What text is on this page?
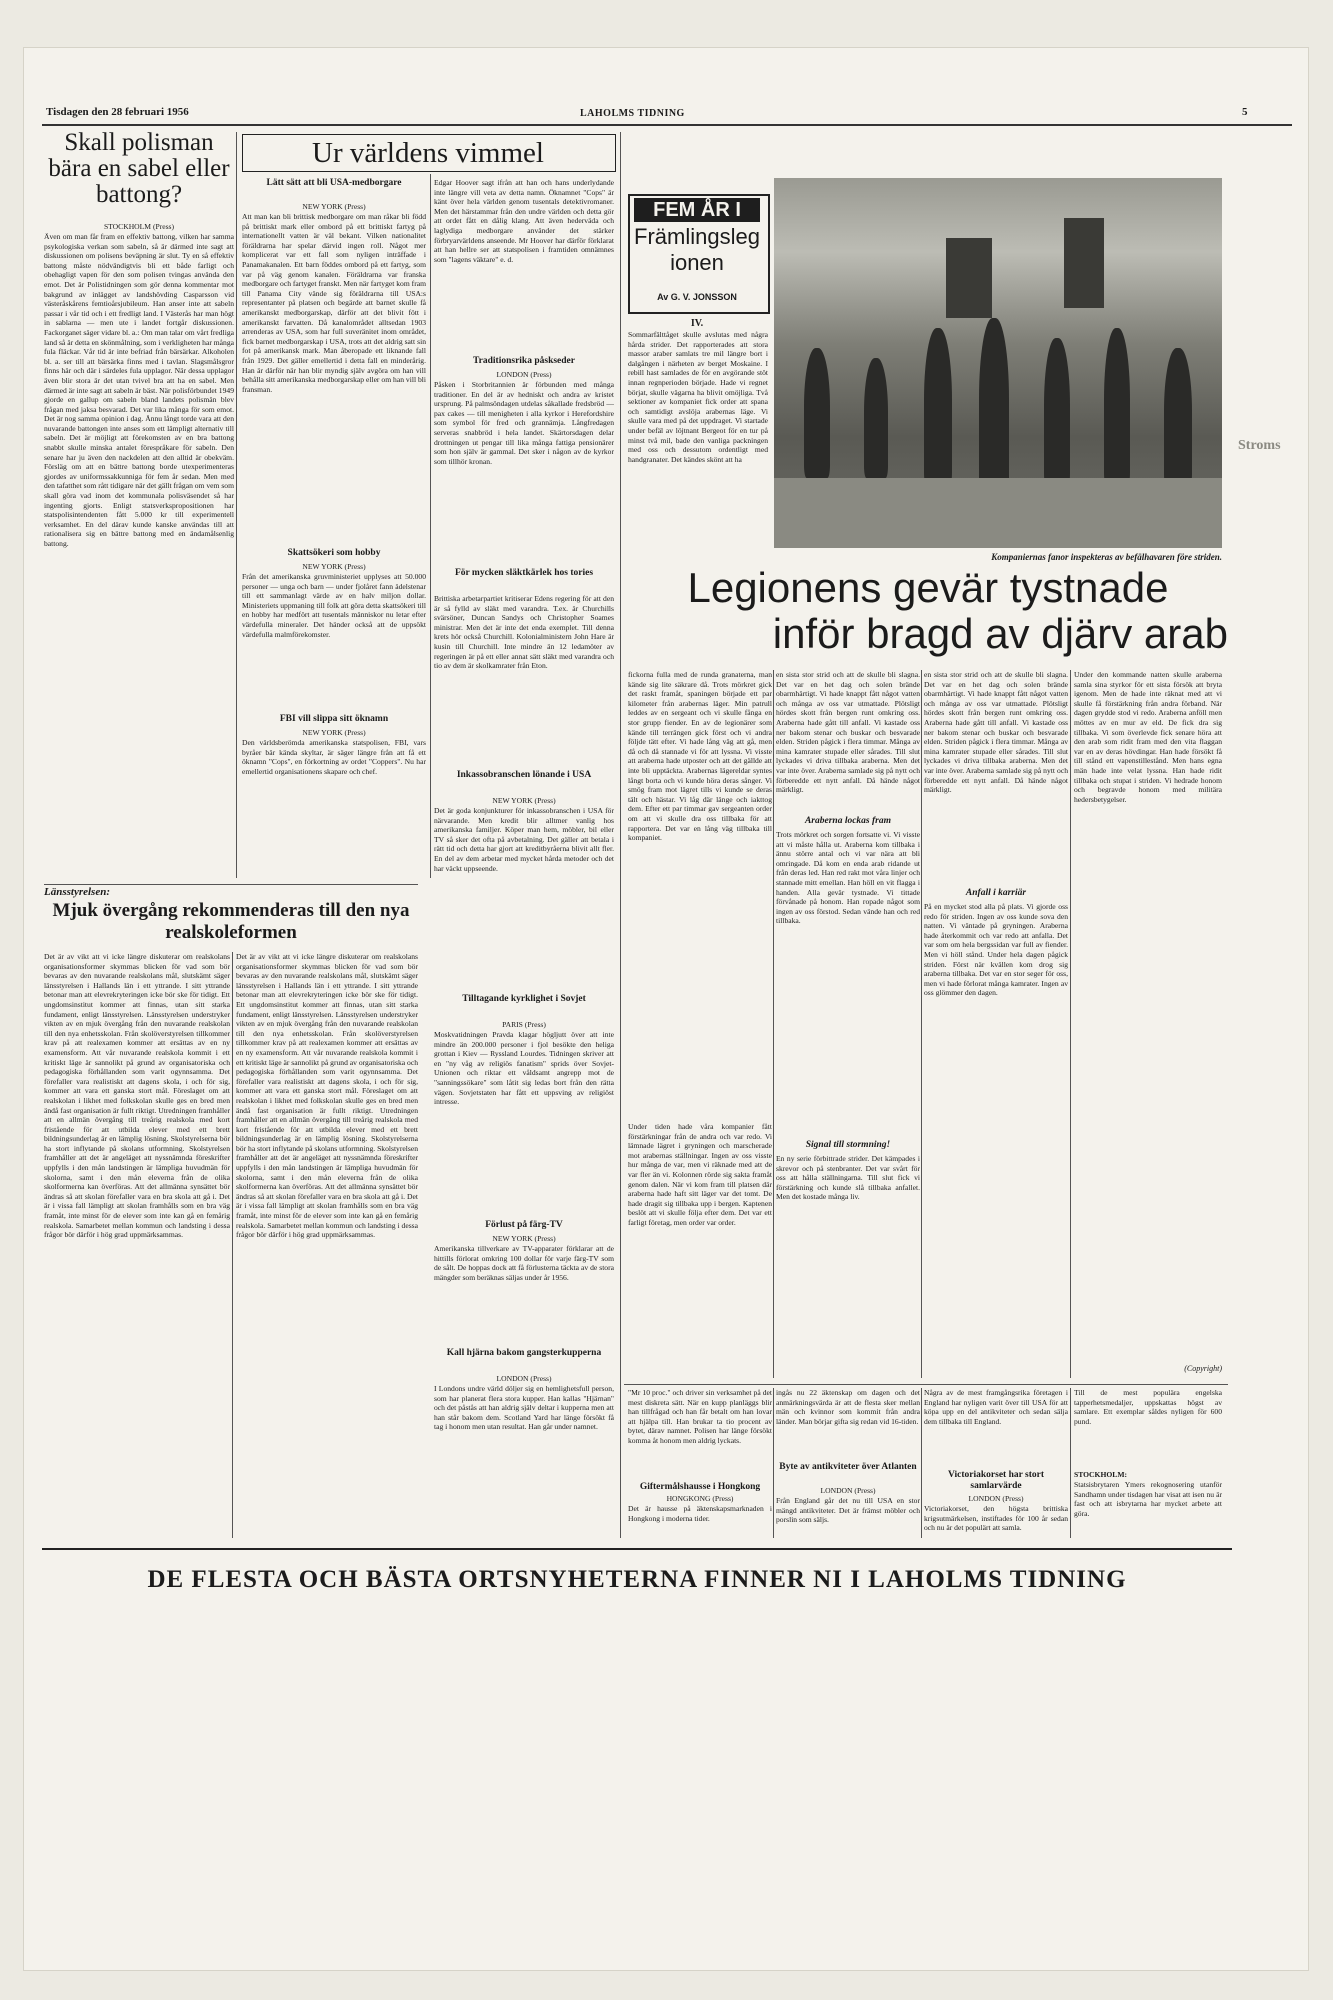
Tisdagen den 28 februari 1956	LAHOLMS TIDNING	5
Skall polisman bära en sabel eller battong?
STOCKHOLM (Press)

Även om man får fram en effektiv battong, vilken har samma psykologiska verkan som sabeln, så är därmed inte sagt att diskussionen om polisens beväpning är slut. Ty en så effektiv battong måste nödvändigtvis bli ett både farligt och obehagligt vapen för den som polisen tvingas använda den emot. Det är Polistidningen som gör denna kommentar mot bakgrund av inlägget av landshövding Casparsson vid västeråskårens femtioårsjubileum. Han anser inte att sabeln passar i vår tid och i ett fredligt land. I Västerås har man högt in sablarna — men ute i landet fortgår diskussionen. Fackorganet säger vidare bl. a.: Om man talar om vårt fredliga land så är detta en skönmålning, som i verkligheten har många fula fläckar. Vår tid är inte befriad från bärsärkar. Alkoholen bl. a. ser till att bärsärka finns med i tavlan. Slagsmålsgror finns här och där i särdeles fula upplagor. När dessa upplagor även blir stora är det utan tvivel bra att ha en sabel. Men därmed är inte sagt att sabeln är bäst. När polisförbundet 1949 gjorde en gallup om sabeln bland landets polismän blev frågan med jaksa besvarad. Det var lika många för som emot. Det är nog samma opinion i dag. Ännu långt torde vara att den nuvarande battongen inte anses som ett lämpligt alternativ till sabeln. Det är möjligt att förekomsten av en bra battong snabbt skulle minska antalet förespråkare för sabeln. Den senare har ju även den nackdelen att den alltid är obekväm. Försläg om att en bättre battong borde utexperimenteras gjordes av uniformssakkunniga för fem år sedan. Men med den tafatthet som rått tidigare när det gällt frågan om vem som skall göra vad inom det kommunala polisväsendet så har ingenting gjorts. Enligt statsverkspropositionen har statspolisintendenten fått 5.000 kr till experimentell verksamhet. En del därav kunde kanske användas till att rationalisera sig en bättre battong med en ändamålsenlig battong.

Länsstyrelsen:
Mjuk övergång rekommenderas till den nya realskoleformen

Det är av vikt att vi icke längre diskuterar om realskolans organisationsformer skymmas blicken för vad som bör bevaras av den nuvarande realskolans mål, slutskämt säger länsstyrelsen i Hallands län i ett yttrande. I sitt yttrande betonar man att elevrekryteringen icke bör ske för tidigt. Ett ungdomsinstitut kommer att finnas, utan sitt starka fundament, enligt länsstyrelsen. Länsstyrelsen understryker vikten av en mjuk övergång från den nuvarande realskolan till den nya enhetsskolan. Från skolöverstyrelsen tillkommer krav på att realexamen kommer att ersättas av en ny examensform. Att vår nuvarande realskola kommit i ett kritiskt läge är sannolikt på grund av organisatoriska och pedagogiska förhållanden som varit ogynnsamma. Det förefaller vara realistiskt att dagens skola, i och för sig, kommer att vara ett ganska stort mål. Föreslaget om att realskolan i likhet med folkskolan skulle ges en bred men ändå fast organisation är fullt riktigt. Utredningen framhåller att en allmän övergång till treårig realskola med kort fristående för att utbilda elever med ett brett bildningsunderlag är en lämplig lösning. Skolstyrelserna bör ha stort inflytande på skolans utformning. Skolstyrelsen framhåller att det är angeläget att nyssnämnda föreskrifter uppfylls i den mån landstingen är lämpliga huvudmän för skolorna, samt i den mån eleverna från de olika skolformerna kan överföras. Att det allmänna synsättet bör ändras så att skolan förefaller vara en bra skola att gå i. Det är i vissa fall lämpligt att skolan framhålls som en bra väg framåt, inte minst för de elever som inte kan gå en femårig realskola. Samarbetet mellan kommun och landsting i dessa frågor bör därför i hög grad uppmärksammas.

Det är av vikt att vi icke längre diskuterar om realskolans organisationsformer skymmas blicken för vad som bör bevaras av den nuvarande realskolans mål, slutskämt säger länsstyrelsen i Hallands län i ett yttrande. I sitt yttrande betonar man att elevrekryteringen icke bör ske för tidigt. Ett ungdomsinstitut kommer att finnas, utan sitt starka fundament, enligt länsstyrelsen. Länsstyrelsen understryker vikten av en mjuk övergång från den nuvarande realskolan till den nya enhetsskolan. Från skolöverstyrelsen tillkommer krav på att realexamen kommer att ersättas av en ny examensform. Att vår nuvarande realskola kommit i ett kritiskt läge är sannolikt på grund av organisatoriska och pedagogiska förhållanden som varit ogynnsamma. Det förefaller vara realistiskt att dagens skola, i och för sig, kommer att vara ett ganska stort mål. Föreslaget om att realskolan i likhet med folkskolan skulle ges en bred men ändå fast organisation är fullt riktigt. Utredningen framhåller att en allmän övergång till treårig realskola med kort fristående för att utbilda elever med ett brett bildningsunderlag är en lämplig lösning. Skolstyrelserna bör ha stort inflytande på skolans utformning. Skolstyrelsen framhåller att det är angeläget att nyssnämnda föreskrifter uppfylls i den mån landstingen är lämpliga huvudmän för skolorna, samt i den mån eleverna från de olika skolformerna kan överföras. Att det allmänna synsättet bör ändras så att skolan förefaller vara en bra skola att gå i. Det är i vissa fall lämpligt att skolan framhålls som en bra väg framåt, inte minst för de elever som inte kan gå en femårig realskola. Samarbetet mellan kommun och landsting i dessa frågor bör därför i hög grad uppmärksammas.

Ur världens vimmel
Lätt sätt att bli USA-medborgare
NEW YORK (Press)

Att man kan bli brittisk medborgare om man råkar bli född på brittiskt mark eller ombord på ett brittiskt fartyg på internationellt vatten är väl bekant. Vilken nationalitet föräldrarna har spelar därvid ingen roll. Något mer komplicerat var ett fall som nyligen inträffade i Panamakanalen. Ett barn föddes ombord på ett fartyg, som var på väg genom kanalen. Föräldrarna var franska medborgare och fartyget franskt. Men när fartyget kom fram till Panama City vände sig föräldrarna till USA:s representanter på platsen och begärde att barnet skulle få amerikanskt medborgarskap, därför att det blivit fött i amerikanskt farvatten. Då kanalområdet alltsedan 1903 arrenderas av USA, som har full suveränitet inom området, fick barnet medborgarskap i USA, trots att det aldrig satt sin fot på amerikansk mark. Man åberopade ett liknande fall från 1929. Det gäller emellertid i detta fall en minderårig. Han är därför när han blir myndig själv avgöra om han vill behålla sitt amerikanska medborgarskap eller om han vill bli fransman.

Skattsökeri som hobby
NEW YORK (Press)

Från det amerikanska gruvministeriet upplyses att 50.000 personer — unga och barn — under fjolåret fann ädelstenar till ett sammanlagt värde av en halv miljon dollar. Ministeriets uppmaning till folk att göra detta skattsökeri till en hobby har medfört att tusentals människor nu letar efter värdefulla mineraler. Det händer också att de uppsökt värdefulla malmförekomster.

FBI vill slippa sitt öknamn
NEW YORK (Press)

Den världsberömda amerikanska statspolisen, FBI, vars byråer bär kända skyltar, är säger längre från att få ett öknamn "Cops", en förkortning av ordet "Coppers". Nu har emellertid organisationens skapare och chef.

Edgar Hoover sagt ifrån att han och hans underlydande inte längre vill veta av detta namn. Öknamnet "Cops" är känt över hela världen genom tusentals detektivromaner. Men det härstammar från den undre världen och detta gör att ordet fått en dålig klang. Att även hederväda och laglydiga medborgare använder det stärker förbryarvärldens anseende. Mr Hoover har därför förklarat att han hellre ser att statspolisen i framtiden omnämnes som "lagens väktare" e. d.

Traditionsrika påskseder
LONDON (Press)

Påsken i Storbritannien är förbunden med många traditioner. En del är av hedniskt och andra av kristet ursprung. På palmsöndagen utdelas såkallade fredsbröd — pax cakes — till menigheten i alla kyrkor i Herefordshire som symbol för fred och grannämja. Långfredagen serveras snabbröd i hela landet. Skärtorsdagen delar drottningen ut pengar till lika många fattiga pensionärer som hon själv är gammal. Det sker i någon av de kyrkor som tillhör kronan.

För mycken släktkärlek hos tories

Brittiska arbetarpartiet kritiserar Edens regering för att den är så fylld av släkt med varandra. T.ex. är Churchills svärsöner, Duncan Sandys och Christopher Soames ministrar. Men det är inte det enda exemplet. Till denna krets hör också Churchill. Kolonialministern John Hare är kusin till Churchill. Inte mindre än 12 ledamöter av regeringen är på ett eller annat sätt släkt med varandra och tio av dem är skolkamrater från Eton.

Inkassobranschen lönande i USA
NEW YORK (Press)

Det är goda konjunkturer för inkassobranschen i USA för närvarande. Men kredit blir alltmer vanlig hos amerikanska familjer. Köper man hem, möbler, bil eller TV så sker det ofta på avbetalning. Det gäller att betala i rätt tid och detta har gjort att kreditbyråerna blivit allt fler. En del av dem arbetar med mycket hårda metoder och det har väckt uppseende.

Tilltagande kyrklighet i Sovjet
PARIS (Press)

Moskvatidningen Pravda klagar högljutt över att inte mindre än 200.000 personer i fjol besökte den heliga grottan i Kiev — Ryssland Lourdes. Tidningen skriver att en "ny våg av religiös fanatism" sprids över Sovjet-Unionen och riktar ett våldsamt angrepp mot de "sanningssökare" som låtit sig ledas bort från den rätta vägen. Sovjetstaten har fått ett uppsving av religiöst intresse.

Förlust på färg-TV
NEW YORK (Press)

Amerikanska tillverkare av TV-apparater förklarar att de hittills förlorat omkring 100 dollar för varje färg-TV som de sålt. De hoppas dock att få förlusterna täckta av de stora mängder som beräknas säljas under år 1956.

Kall hjärna bakom gangsterkupperna
LONDON (Press)

I Londons undre värld döljer sig en hemlighetsfull person, som har planerat flera stora kupper. Han kallas "Hjärnan" och det påstås att han aldrig själv deltar i kupperna men att han står bakom dem. Scotland Yard har länge försökt få tag i honom men utan resultat. Han går under namnet.

FEM ÅR I
Främlingslegionen
Av G. V. JONSSON
IV.

Sommarfälttåget skulle avslutas med några hårda strider. Det rapporterades att stora massor araber samlats tre mil längre bort i dalgången i närheten av berget Moskaine. I rebill hast samlades de för en avgörande stöt innan regnperioden började. Hade vi regnet börjat, skulle vägarna ha blivit omöjliga. Två sektioner av kompaniet fick order att spana och samtidigt avslöja arabernas läge. Vi skulle vara med på det uppdraget. Vi startade under befäl av löjtnant Bergeot för en tur på minst två mil, bade den vanliga packningen med oss och dessutom ordentligt med handgranater. Det kändes skönt att ha

Kompaniernas fanor inspekteras av befälhavaren före striden.
Legionens gevär tystnade
inför bragd av djärv arab

fickorna fulla med de runda granaterna, man kände sig lite säkrare då. Trots mörkret gick det raskt framåt, spaningen började ett par kilometer från arabernas läger. Min patrull leddes av en sergeant och vi skulle fånga en stor grupp fiender. En av de legionärer som kände till terrängen gick först och vi andra följde tätt efter. Vi hade lång väg att gå, men då och då stannade vi för att lyssna. Vi visste att araberna hade utposter och att det gällde att inte bli upptäckta. Arabernas lägereldar syntes långt borta och vi kunde höra deras sånger. Vi smög fram mot lägret tills vi kunde se deras tält och hästar. Vi låg där länge och iakttog dem. Efter ett par timmar gav sergeanten order om att vi skulle dra oss tillbaka för att rapportera. Det var en lång väg tillbaka till kompaniet.

Under tiden hade våra kompanier fått förstärkningar från de andra och var redo. Vi lämnade lägret i gryningen och marscherade mot arabernas ställningar. Ingen av oss visste hur många de var, men vi räknade med att de var fler än vi. Kolonnen rörde sig sakta framåt genom dalen. När vi kom fram till platsen där araberna hade haft sitt läger var det tomt. De hade dragit sig tillbaka upp i bergen. Kaptenen beslöt att vi skulle följa efter dem. Det var ett farligt företag, men order var order.

en sista stor strid och att de skulle bli slagna. Det var en het dag och solen brände obarmhärtigt. Vi hade knappt fått något vatten och många av oss var utmattade. Plötsligt hördes skott från bergen runt omkring oss. Araberna hade gått till anfall. Vi kastade oss ner bakom stenar och buskar och besvarade elden. Striden pågick i flera timmar. Många av mina kamrater stupade eller sårades. Till slut lyckades vi driva tillbaka araberna. Men det var inte över. Araberna samlade sig på nytt och förberedde ett nytt anfall. Då hände något märkligt.

Araberna lockas fram

Trots mörkret och sorgen fortsatte vi. Vi visste att vi måste hålla ut. Araberna kom tillbaka i ännu större antal och vi var nära att bli omringade. Då kom en enda arab ridande ut från deras led. Han red rakt mot våra linjer och stannade mitt emellan. Han höll en vit flagga i handen. Alla gevär tystnade. Vi tittade förvånade på honom. Han ropade något som ingen av oss förstod. Sedan vände han och red tillbaka.

Signal till stormning!

En ny serie förbittrade strider. Det kämpades i skrevor och på stenbranter. Det var svårt för oss att hålla ställningarna. Till slut fick vi förstärkning och kunde slå tillbaka anfallet. Men det kostade många liv.

en sista stor strid och att de skulle bli slagna. Det var en het dag och solen brände obarmhärtigt. Vi hade knappt fått något vatten och många av oss var utmattade. Plötsligt hördes skott från bergen runt omkring oss. Araberna hade gått till anfall. Vi kastade oss ner bakom stenar och buskar och besvarade elden. Striden pågick i flera timmar. Många av mina kamrater stupade eller sårades. Till slut lyckades vi driva tillbaka araberna. Men det var inte över. Araberna samlade sig på nytt och förberedde ett nytt anfall. Då hände något märkligt.

Anfall i karriär

På en mycket stod alla på plats. Vi gjorde oss redo för striden. Ingen av oss kunde sova den natten. Vi väntade på gryningen. Araberna hade återkommit och var redo att anfalla. Det var som om hela bergssidan var full av fiender. Men vi höll stånd. Under hela dagen pågick striden. Först när kvällen kom drog sig araberna tillbaka. Det var en stor seger för oss, men vi hade förlorat många kamrater. Ingen av oss glömmer den dagen.

Under den kommande natten skulle araberna samla sina styrkor för ett sista försök att bryta igenom. Men de hade inte räknat med att vi skulle få förstärkning från andra förband. När dagen grydde stod vi redo. Araberna anföll men möttes av en mur av eld. De fick dra sig tillbaka. Vi som överlevde fick senare höra att den arab som ridit fram med den vita flaggan var en av deras hövdingar. Han hade försökt få till stånd ett vapenstillestånd. Men hans egna män hade inte velat lyssna. Han hade ridit tillbaka och stupat i striden. Vi hedrade honom och begravde honom med militära hedersbetygelser.

(Copyright)

"Mr 10 proc." och driver sin verksamhet på det mest diskreta sätt. När en kupp planläggs blir han tillfrågad och han får betalt om han lovar att hjälpa till. Han brukar ta tio procent av bytet, därav namnet. Polisen har länge försökt komma åt honom men aldrig lyckats.

Giftermålshausse i Hongkong
HONGKONG (Press)

Det är hausse på äktenskapsmarknaden i Hongkong i moderna tider.

ingås nu 22 äktenskap om dagen och det anmärkningsvärda är att de flesta sker mellan män och kvinnor som kommit från andra länder. Man börjar gifta sig redan vid 16-tiden.

Byte av antikviteter över Atlanten
LONDON (Press)

Från England går det nu till USA en stor mängd antikviteter. Det är främst möbler och porslin som säljs.

Några av de mest framgångsrika företagen i England har nyligen varit över till USA för att köpa upp en del antikviteter och sedan sälja dem tillbaka till England.

Victoriakorset har stort samlarvärde
LONDON (Press)

Victoriakorset, den högsta brittiska krigsutmärkelsen, instiftades för 100 år sedan och nu är det populärt att samla.

Till de mest populära engelska tapperhetsmedaljer, uppskattas högst av samlare. Ett exemplar såldes nyligen för 600 pund.

STOCKHOLM:

Statsisbrytaren Ymers rekognosering utanför Sandhamn under tisdagen har visat att isen nu är fast och att isbrytarna har mycket arbete att göra.

DE FLESTA OCH BÄSTA ORTSNYHETERNA FINNER NI I LAHOLMS TIDNING
Stroms
